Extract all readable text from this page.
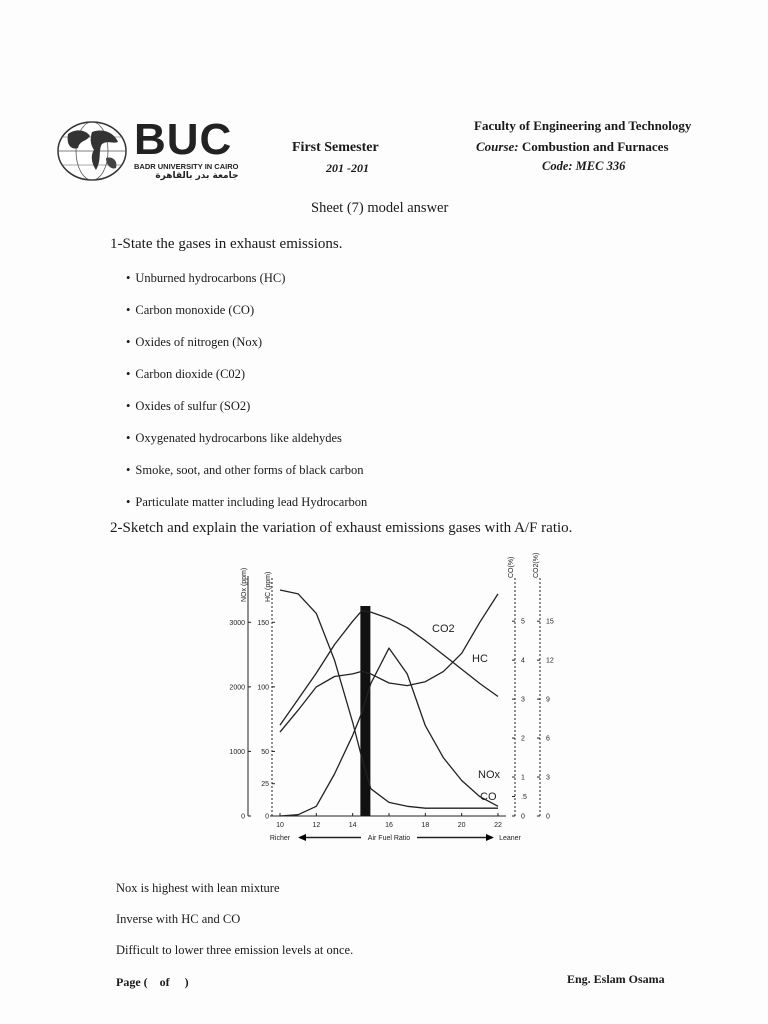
BUC
BADR UNIVERSITY IN CAIRO
جامعة بدر بالقاهرة
First Semester
201 -201
Faculty of Engineering and Technology
Course: Combustion and Furnaces
Code: MEC 336
Sheet (7) model answer
1-State the gases in exhaust emissions.
• Unburned hydrocarbons (HC)
• Carbon monoxide (CO)
• Oxides of nitrogen (Nox)
• Carbon dioxide (C02)
• Oxides of sulfur (SO2)
• Oxygenated hydrocarbons like aldehydes
• Smoke, soot, and other forms of black carbon
• Particulate matter including lead Hydrocarbon
2-Sketch and explain the variation of exhaust emissions gases with A/F ratio.
0
1000
2000
3000
NOx (ppm)
0
25
50
100
150
HC (ppm)
0
.5
1
2
3
4
5
CO(%)
0
3
6
9
12
15
CO2(%)
10	12	14	16	18	20	22
Richer	Air Fuel Ratio	Leaner
CO2
HC
NOx
CO
Nox is highest with lean mixture
Inverse with HC and CO
Difficult to lower three emission levels at once.
Page (    of     )	Eng. Eslam Osama
